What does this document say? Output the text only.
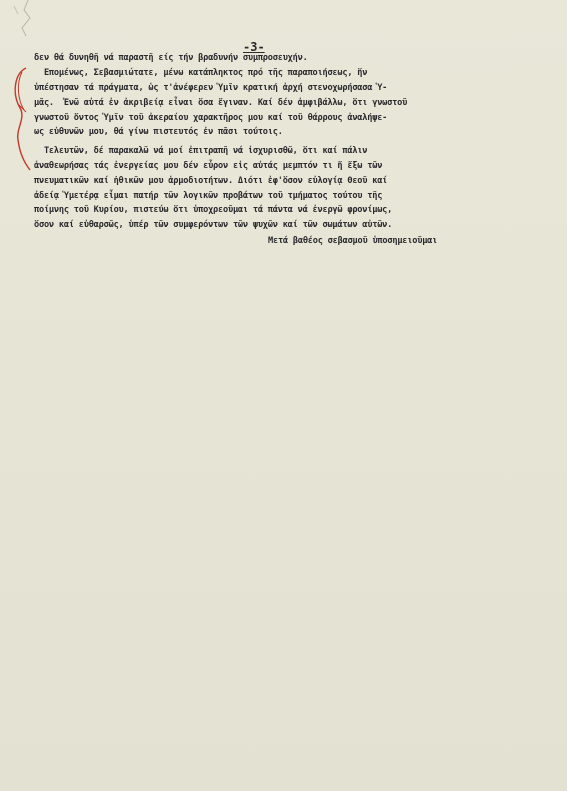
-3-
δεν θά δυνηθῆ νά παραστῆ είς τήν βραδυνήν συμπροσευχήν.
Επομένως, Σεβασμιώτατε, μένω κατάπληκτος πρό τῆς παραποιήσεως, ἥν
ὑπέστησαν τά πράγματα, ὡς τ'ἀνέφερεν Ὑμῖν κρατική ἀρχή στενοχωρήσασα Ὑ-
μᾶς.  Ἐνῶ αὐτά ἐν ἀκριβείᾳ εἶναι ὅσα ἔγιναν. Καί δέν ἀμφιβάλλω, ὅτι γνωστοῦ
γνωστοῦ ὄντος Ὑμῖν τοῦ ἀκεραίου χαρακτῆρος μου καί τοῦ θάρρους ἀναλήψε-
ως εὐθυνῶν μου, θά γίνω πιστευτός ἐν πᾶσι τούτοις.
Τελευτῶν, δέ παρακαλῶ νά μοί ἐπιτραπῆ νά ἰσχυρισθῶ, ὅτι καί πάλιν
ἀναθεωρήσας τάς ἐνεργείας μου δέν εὗρον εἰς αὐτάς μεμπτόν τι ἤ ἔξω τῶν
πνευματικῶν καί ἠθικῶν μου ἁρμοδιοτήτων. Διότι ἐφ'ὅσον εὐλογίᾳ Θεοῦ καί
ἀδείᾳ Ὑμετέρᾳ εἶμαι πατήρ τῶν λογικῶν προβάτων τοῦ τμήματος τούτου τῆς
ποίμνης τοῦ Κυρίου, πιστεύω ὅτι ὑποχρεοῦμαι τά πάντα νά ἐνεργῶ φρονίμως,
ὅσον καί εὐθαρσῶς, ὑπέρ τῶν συμφερόντων τῶν ψυχῶν καί τῶν σωμάτων αὐτῶν.
Μετά βαθέος σεβασμοῦ ὑποσημειοῦμαι
